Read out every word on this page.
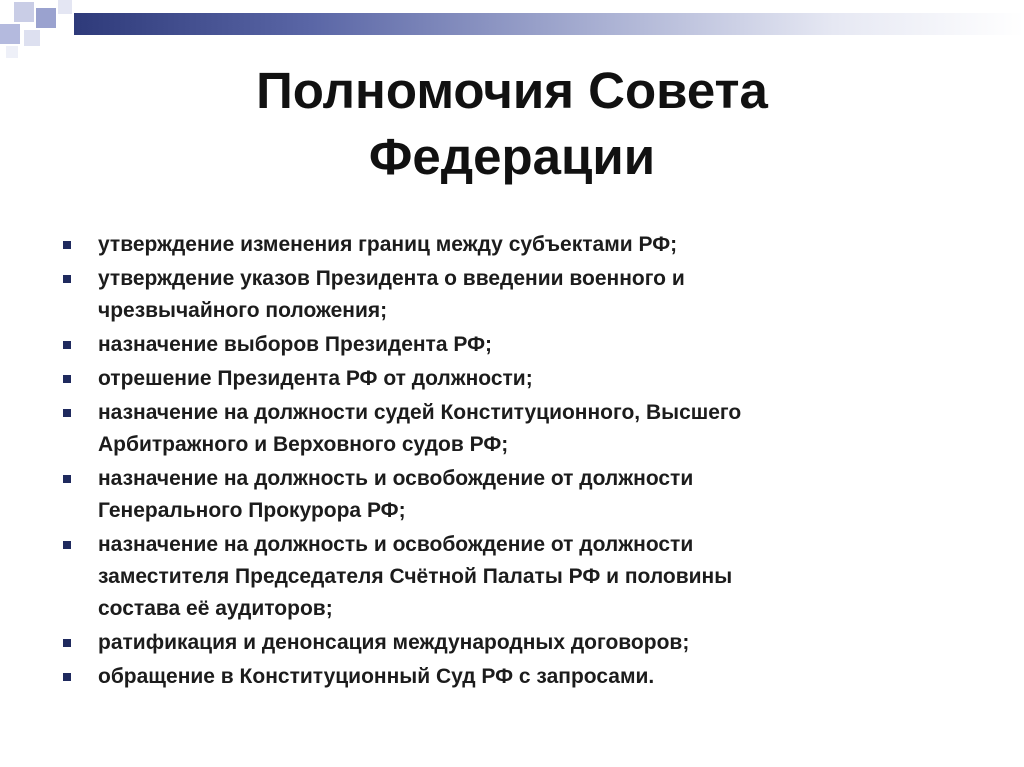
Полномочия Совета
Федерации
утверждение изменения границ между субъектами РФ;
утверждение указов Президента о введении военного и
чрезвычайного положения;
назначение выборов Президента РФ;
отрешение Президента РФ от должности;
назначение на должности судей Конституционного, Высшего
Арбитражного и Верховного судов РФ;
назначение на должность и освобождение от должности
Генерального Прокурора РФ;
назначение на должность и освобождение от должности
заместителя Председателя Счётной Палаты РФ и половины
состава её аудиторов;
ратификация и денонсация международных договоров;
обращение в Конституционный Суд РФ с запросами.
